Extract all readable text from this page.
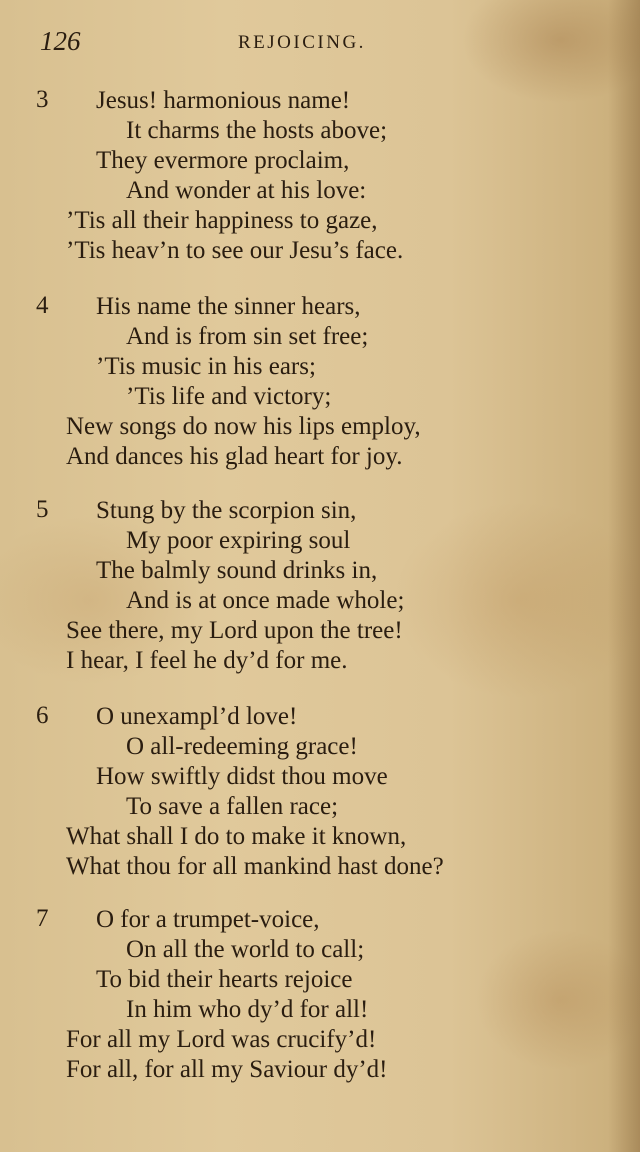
126	REJOICING.
3 Jesus! harmonious name!
It charms the hosts above;
They evermore proclaim,
And wonder at his love:
’Tis all their happiness to gaze,
’Tis heav’n to see our Jesu’s face.
4 His name the sinner hears,
And is from sin set free;
’Tis music in his ears;
’Tis life and victory;
New songs do now his lips employ,
And dances his glad heart for joy.
5 Stung by the scorpion sin,
My poor expiring soul
The balmly sound drinks in,
And is at once made whole;
See there, my Lord upon the tree!
I hear, I feel he dy’d for me.
6 O unexampl’d love!
O all-redeeming grace!
How swiftly didst thou move
To save a fallen race;
What shall I do to make it known,
What thou for all mankind hast done?
7 O for a trumpet-voice,
On all the world to call;
To bid their hearts rejoice
In him who dy’d for all!
For all my Lord was crucify’d!
For all, for all my Saviour dy’d!
